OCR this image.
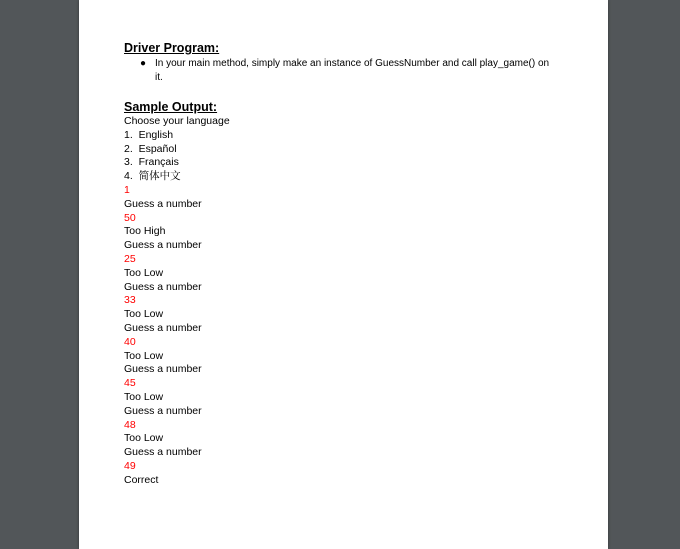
Driver Program:

● In your main method, simply make an instance of GuessNumber and call play_game() on it.

Sample Output:

Choose your language
1.  English
2.  Español
3.  Français
4.  简体中文
1
Guess a number
50
Too High
Guess a number
25
Too Low
Guess a number
33
Too Low
Guess a number
40
Too Low
Guess a number
45
Too Low
Guess a number
48
Too Low
Guess a number
49
Correct
